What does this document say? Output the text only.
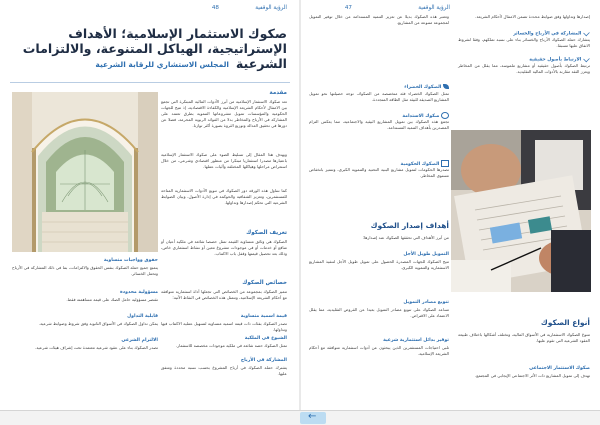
الرؤية الوقفية
48
صكوك الاستثمار الإسلامية؛ الأهداف الإستراتيجية، الهياكل المتنوعة، والالتزامات الشرعية
المجلس الاستشاري للرقابة الشرعية
مقدمة

تعد صكوك الاستثمار الإسلامية من أبرز الأدوات المالية المبتكرة التي تجمع بين الامتثال لأحكام الشريعة الإسلامية والكفاءة الاقتصادية، إذ تتيح للجهات الحكومية والمؤسسات تمويل مشروعاتها التنموية بطرق تعتمد على المشاركة في الأرباح والمخاطر بدلا من الفوائد الربوية المحرمة، فضلا عن دورها في تحقيق العدالة وتوزيع الثروة بصورة أكثر توازنا.

ويهدف هذا المقال إلى تسليط الضوء على صكوك الاستثمار الإسلامية باعتبارها مصدرا استثماريا مبتكرا من منظور اقتصادي وشرعي، من خلال استعراض مراحلها وهياكلها المختلفة وآليات عملها.

كما نتناول هذه الورقة دور الصكوك في تنويع الأدوات الاستثمارية المتاحة للمستثمرين، وتعزيز الشفافية والحوكمة في إدارة الأصول، وبيان الضوابط الشرعية التي تحكم إصدارها وتداولها.

تعريف الصكوك

الصكوك هي وثائق متساوية القيمة تمثل حصصا شائعة في ملكية أعيان أو منافع أو خدمات أو في موجودات مشروع معين أو نشاط استثماري خاص، وذلك بعد تحصيل قيمتها وقفل باب الاكتتاب.

خصائص الصكوك

تتميز الصكوك بمجموعة من الخصائص التي تجعلها أداة استثمارية متوافقة مع أحكام الشريعة الإسلامية، وتتمثل هذه الخصائص في النقاط الآتية:

قيمة اسمية متساوية

تصدر الصكوك بفئات ذات قيمة اسمية متساوية لتسهيل عملية الاكتتاب فيها وتداولها.

الشيوع في الملكية

تمثل الصكوك حصة شائعة في ملكية موجودات مخصصة للاستثمار.

المشاركة في الأرباح

يشترك حملة الصكوك في أرباح المشروع بحسب نسبة محددة ومتفق عليها.

حقوق وواجبات متساوية

يتمتع جميع حملة الصكوك بنفس الحقوق والالتزامات، بما في ذلك المشاركة في الأرباح وتحمل الخسائر.

مسؤولية محدودة

تقتصر مسؤولية حامل الصك على قيمة مساهمته فقط.

قابلية التداول

يمكن تداول الصكوك في الأسواق الثانوية وفق شروط وضوابط شرعية.

الالتزام الشرعي

تصدر الصكوك بناء على عقود شرعية معتمدة تحت إشراف هيئات شرعية.

الرؤية الوقفية
47

إصدارها وتداولها وفق ضوابط محددة تضمن الامتثال لأحكام الشريعة.

المشاركة في الأرباح والخسائر

يتشارك حملة الصكوك الأرباح والخسائر بناء على نسبة تملكهم، وفقا لشروط الاتفاق عليها مسبقا.

الارتباط بأصول حقيقية

ترتبط الصكوك بأصول حقيقية أو مشاريع ملموسة، مما يقلل من المخاطر ويعزز الثقة مقارنة بالأدوات المالية التقليدية.

وتعتبر هذه الصكوك بديلا عن تعزيز التنمية المستدامة من خلال توفير التمويل لمجموعة متنوعة من المشاريع.

الصكوك الخضراء

تمثل الصكوك الخضراء فئة متخصصة من الصكوك، توجه حصيلتها نحو تمويل المشاريع الصديقة للبيئة مثل الطاقة المتجددة.

صكوك الاستدامة

تجمع هذه الصكوك بين تمويل المشاريع البيئية والاجتماعية، مما يعكس التزام المصدرين بأهداف التنمية المستدامة.

الصكوك الحكومية

تصدرها الحكومات لتمويل مشاريع البنية التحتية والتنموية الكبرى، وتتميز بانخفاض مستوى المخاطر.

أهداف إصدار الصكوك

من أبرز الأهداف التي تحققها الصكوك عند إصدارها:

التمويل طويل الأجل

تتيح الصكوك للجهات المصدرة الحصول على تمويل طويل الأجل لتنفيذ المشاريع الاستثمارية والتنموية الكبرى.

تنويع مصادر التمويل

تساعد الصكوك على تنويع مصادر التمويل بعيدا عن القروض التقليدية، مما يقلل الاعتماد على الاقتراض.

توفير بدائل استثمارية شرعية

تلبي احتياجات المستثمرين الذين يبحثون عن أدوات استثمارية متوافقة مع أحكام الشريعة الإسلامية.

أنواع الصكوك

تتنوع الصكوك الاستثمارية في الأسواق المالية، وتختلف أشكالها باختلاف طبيعة العقود الشرعية التي تقوم عليها.

صكوك الاستثمار الاجتماعي

تهدف إلى تمويل المشاريع ذات الأثر الاجتماعي الإيجابي في المجتمع.

←
